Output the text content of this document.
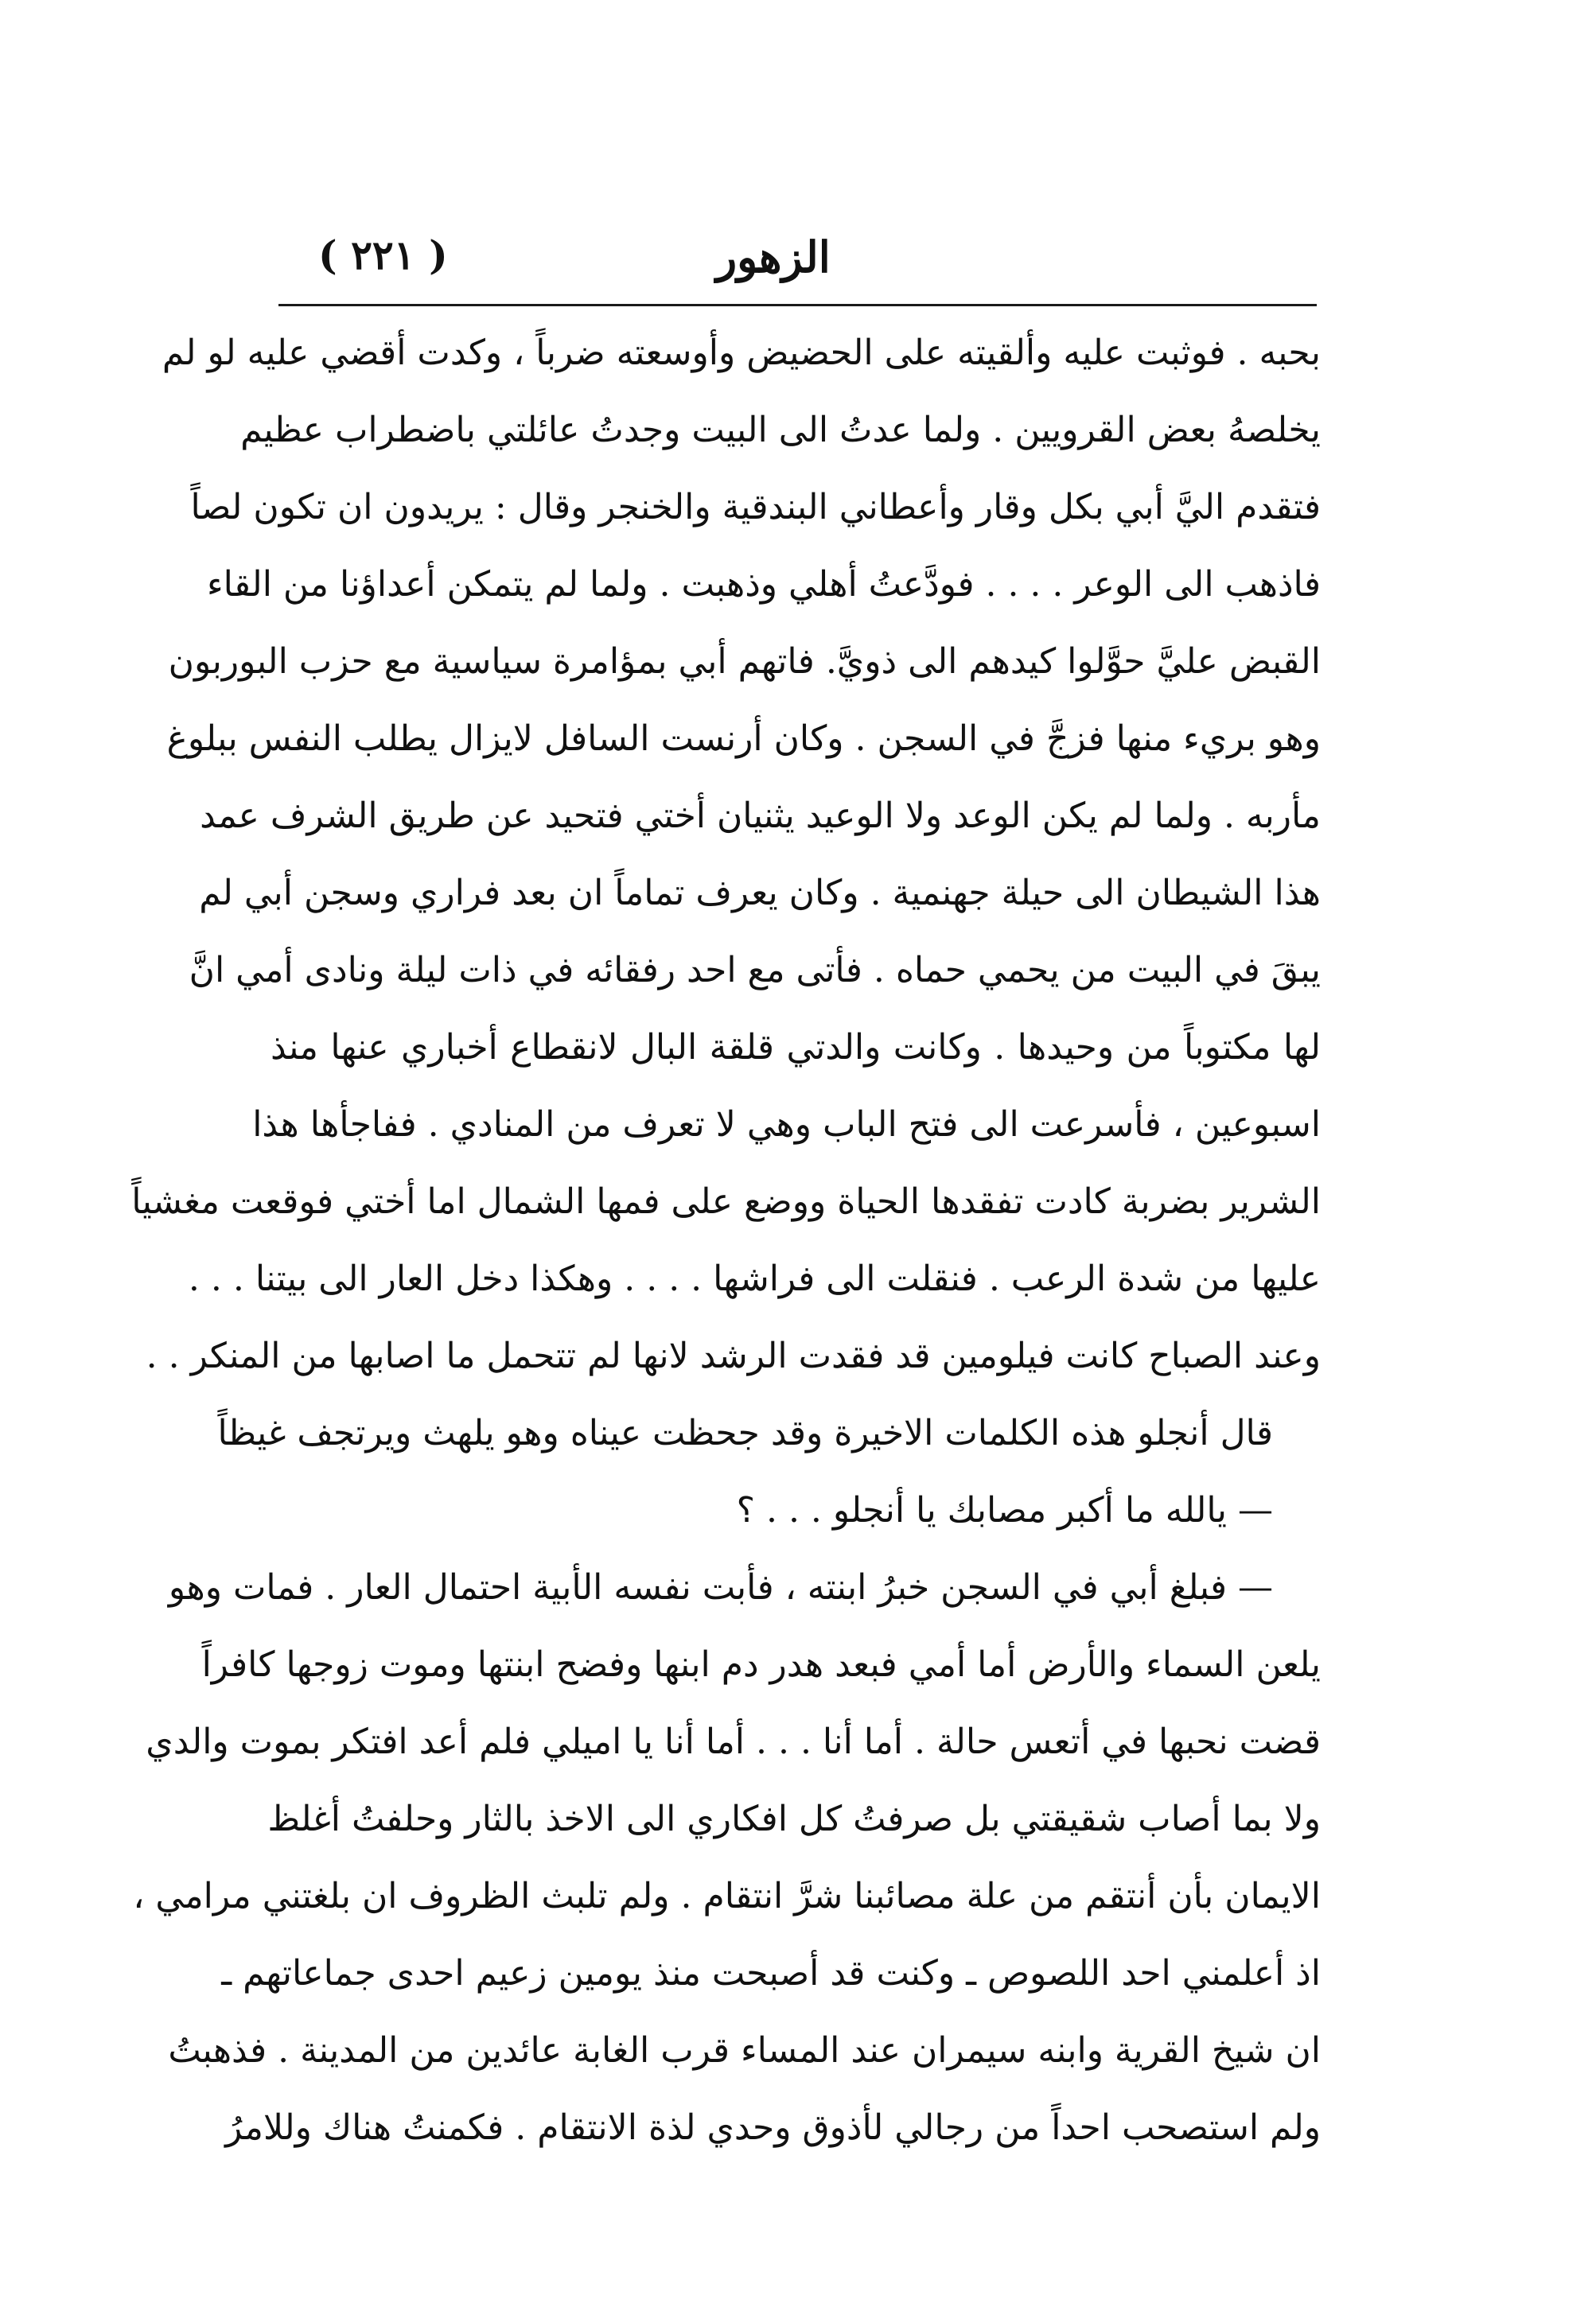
( ٢٢١ )	الزهور
بحبه . فوثبت عليه وألقيته على الحضيض وأوسعته ضرباً ، وكدت أقضي عليه لو لم
يخلصهُ بعض القرويين . ولما عدتُ الى البيت وجدتُ عائلتي باضطراب عظيم
فتقدم اليَّ أبي بكل وقار وأعطاني البندقية والخنجر وقال : يريدون ان تكون لصاً
فاذهب الى الوعر . . . . فودَّعتُ أهلي وذهبت . ولما لم يتمكن أعداؤنا من القاء
القبض عليَّ حوَّلوا كيدهم الى ذويَّ. فاتهم أبي بمؤامرة سياسية مع حزب البوربون
وهو بريء منها فزجَّ في السجن . وكان أرنست السافل لايزال يطلب النفس ببلوغ
مأربه . ولما لم يكن الوعد ولا الوعيد يثنيان أختي فتحيد عن طريق الشرف عمد
هذا الشيطان الى حيلة جهنمية . وكان يعرف تماماً ان بعد فراري وسجن أبي لم
يبقَ في البيت من يحمي حماه . فأتى مع احد رفقائه في ذات ليلة ونادى أمي انَّ
لها مكتوباً من وحيدها . وكانت والدتي قلقة البال لانقطاع أخباري عنها منذ
اسبوعين ، فأسرعت الى فتح الباب وهي لا تعرف من المنادي . ففاجأها هذا
الشرير بضربة كادت تفقدها الحياة ووضع على فمها الشمال اما أختي فوقعت مغشياً
عليها من شدة الرعب . فنقلت الى فراشها . . . . وهكذا دخل العار الى بيتنا . . .
وعند الصباح كانت فيلومين قد فقدت الرشد لانها لم تتحمل ما اصابها من المنكر . .
قال أنجلو هذه الكلمات الاخيرة وقد جحظت عيناه وهو يلهث ويرتجف غيظاً
— يالله ما أكبر مصابك يا أنجلو . . . ؟
— فبلغ أبي في السجن خبرُ ابنته ، فأبت نفسه الأبية احتمال العار . فمات وهو
يلعن السماء والأرض أما أمي فبعد هدر دم ابنها وفضح ابنتها وموت زوجها كافراً
قضت نحبها في أتعس حالة . أما أنا . . . أما أنا يا اميلي فلم أعد افتكر بموت والدي
ولا بما أصاب شقيقتي بل صرفتُ كل افكاري الى الاخذ بالثار وحلفتُ أغلظ
الايمان بأن أنتقم من علة مصائبنا شرَّ انتقام . ولم تلبث الظروف ان بلغتني مرامي ،
اذ أعلمني احد اللصوص ـ وكنت قد أصبحت منذ يومين زعيم احدى جماعاتهم ـ
ان شيخ القرية وابنه سيمران عند المساء قرب الغابة عائدين من المدينة . فذهبتُ
ولم استصحب احداً من رجالي لأذوق وحدي لذة الانتقام . فكمنتُ هناك وللامرُ
